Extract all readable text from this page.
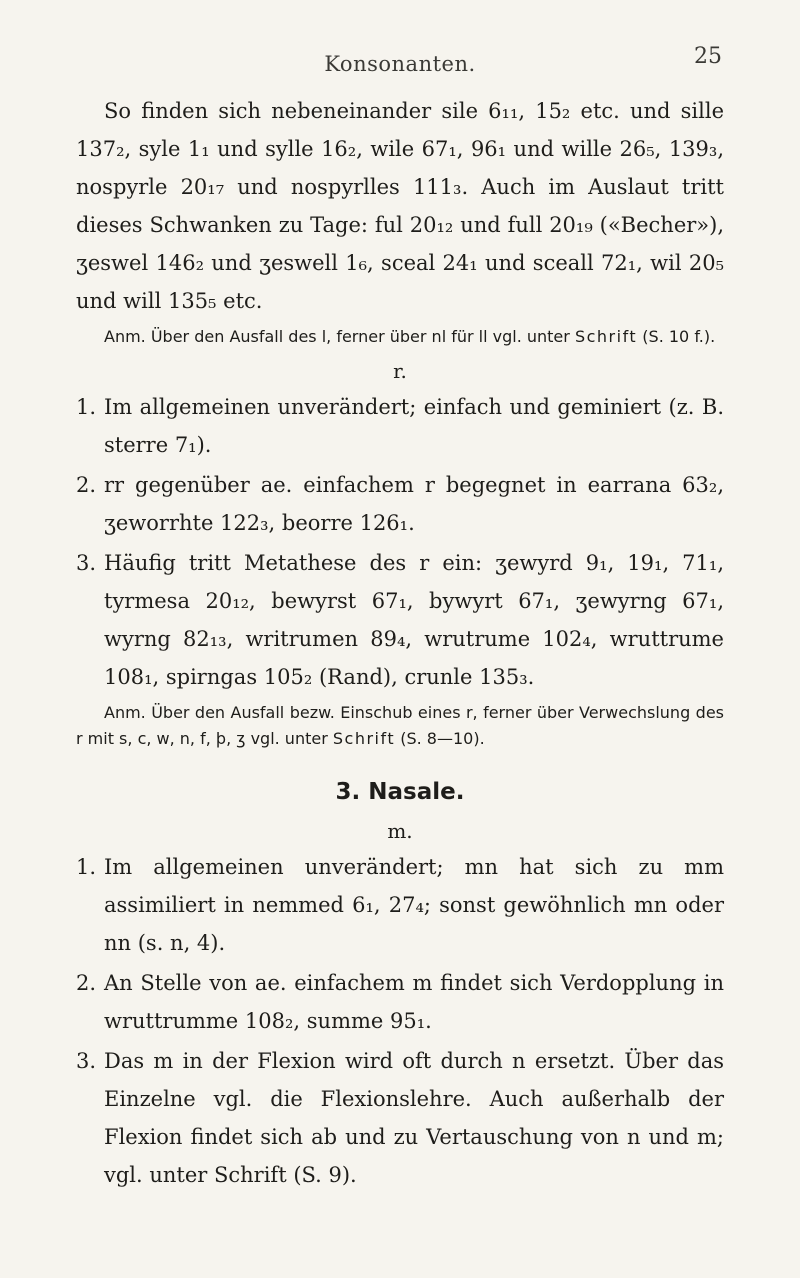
Konsonanten.	25

So finden sich nebeneinander sile 6₁₁, 15₂ etc. und sille 137₂, syle 1₁ und sylle 16₂, wile 67₁, 96₁ und wille 26₅, 139₃, nospyrle 20₁₇ und nospyrlles 111₃. Auch im Auslaut tritt dieses Schwanken zu Tage: ful 20₁₂ und full 20₁₉ («Becher»), ʒeswel 146₂ und ʒeswell 1₆, sceal 24₁ und sceall 72₁, wil 20₅ und will 135₅ etc.

Anm. Über den Ausfall des l, ferner über nl für ll vgl. unter Schrift (S. 10 f.).

r.
1. Im allgemeinen unverändert; einfach und geminiert (z. B. sterre 7₁).
2. rr gegenüber ae. einfachem r begegnet in earrana 63₂, ʒeworrhte 122₃, beorre 126₁.
3. Häufig tritt Metathese des r ein: ʒewyrd 9₁, 19₁, 71₁, tyrmesa 20₁₂, bewyrst 67₁, bywyrt 67₁, ʒewyrng 67₁, wyrng 82₁₃, writrumen 89₄, wrutrume 102₄, wruttrume 108₁, spirngas 105₂ (Rand), crunle 135₃.

Anm. Über den Ausfall bezw. Einschub eines r, ferner über Verwechslung des r mit s, c, w, n, f, þ, ʒ vgl. unter Schrift (S. 8—10).

3. Nasale.
m.
1. Im allgemeinen unverändert; mn hat sich zu mm assimiliert in nemmed 6₁, 27₄; sonst gewöhnlich mn oder nn (s. n, 4).
2. An Stelle von ae. einfachem m findet sich Verdopplung in wruttrumme 108₂, summe 95₁.
3. Das m in der Flexion wird oft durch n ersetzt. Über das Einzelne vgl. die Flexionslehre. Auch außerhalb der Flexion findet sich ab und zu Vertauschung von n und m; vgl. unter Schrift (S. 9).
